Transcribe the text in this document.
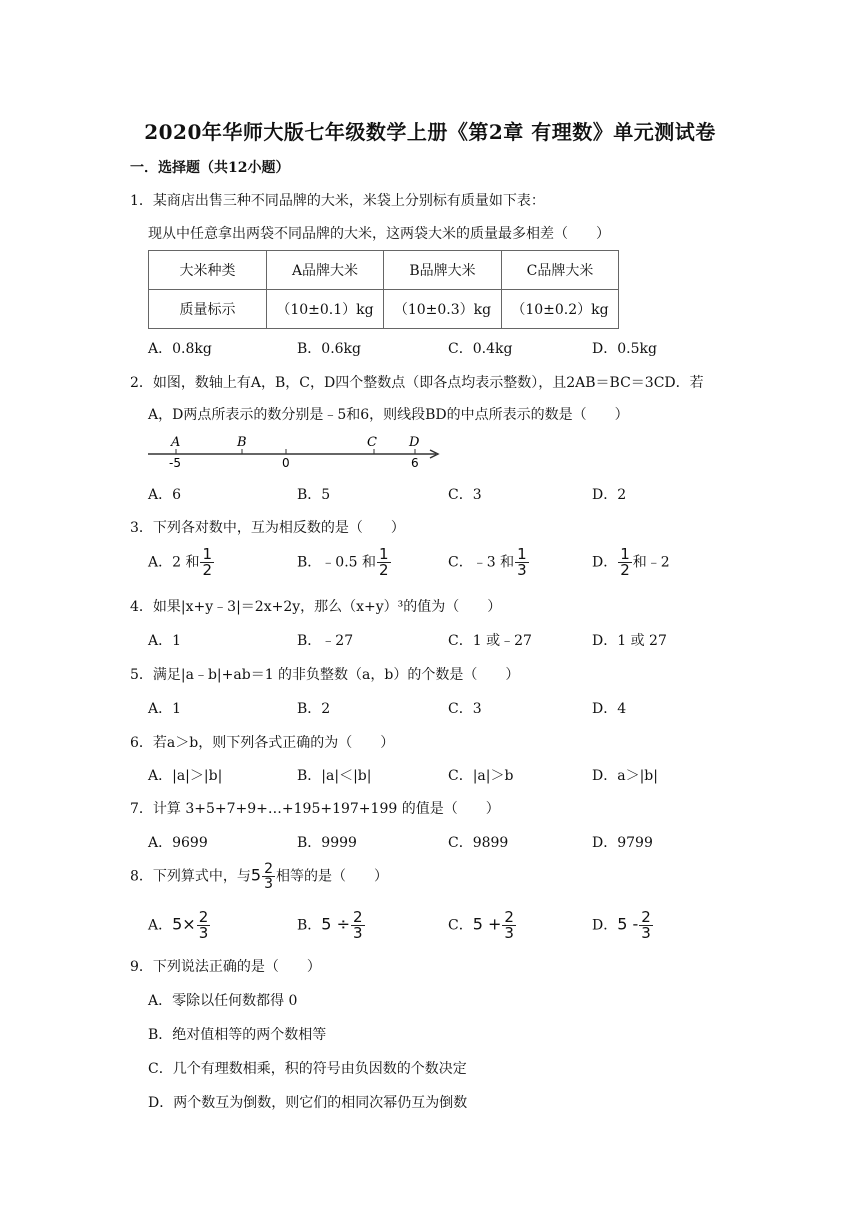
2020年华师大版七年级数学上册《第2章 有理数》单元测试卷
一．选择题（共12小题）
1．某商店出售三种不同品牌的大米，米袋上分别标有质量如下表：
现从中任意拿出两袋不同品牌的大米，这两袋大米的质量最多相差（　　）
大米种类	A品牌大米	B品牌大米	C品牌大米
质量标示	（10±0.1）kg	（10±0.3）kg	（10±0.2）kg
A．0.8kg	B．0.6kg	C．0.4kg	D．0.5kg
2．如图，数轴上有A，B，C，D四个整数点（即各点均表示整数），且2AB＝BC＝3CD．若
A，D两点所表示的数分别是﹣5和6，则线段BD的中点所表示的数是（　　）
A	B	C D
-5	0	6
A．6	B．5	C．3	D．2
3．下列各对数中，互为相反数的是（　　）
A．2 和 $\frac{1}{2}$	B．﹣0.5 和 $\frac{1}{2}$	C．﹣3 和 $\frac{1}{3}$	D． $\frac{1}{2}$ 和﹣2
4．如果|x+y﹣3|＝2x+2y，那么（x+y）³的值为（　　）
A．1	B．﹣27	C．1 或﹣27	D．1 或 27
5．满足|a﹣b|+ab＝1 的非负整数（a，b）的个数是（　　）
A．1	B．2	C．3	D．4
6．若a＞b，则下列各式正确的为（　　）
A．|a|＞|b|	B．|a|＜|b|	C．|a|＞b	D．a＞|b|
7．计算 3+5+7+9+…+195+197+199 的值是（　　）
A．9699	B．9999	C．9899	D．9799
8．下列算式中，与$5 \frac{2}{3}$ 相等的是（　　）
A．$5\times \frac{2}{3}$	B．$5 \div \frac{2}{3}$	C．$5 + \frac{2}{3}$	D．$5 - \frac{2}{3}$
9．下列说法正确的是（　　）
A．零除以任何数都得 0
B．绝对值相等的两个数相等
C．几个有理数相乘，积的符号由负因数的个数决定
D．两个数互为倒数，则它们的相同次幂仍互为倒数
